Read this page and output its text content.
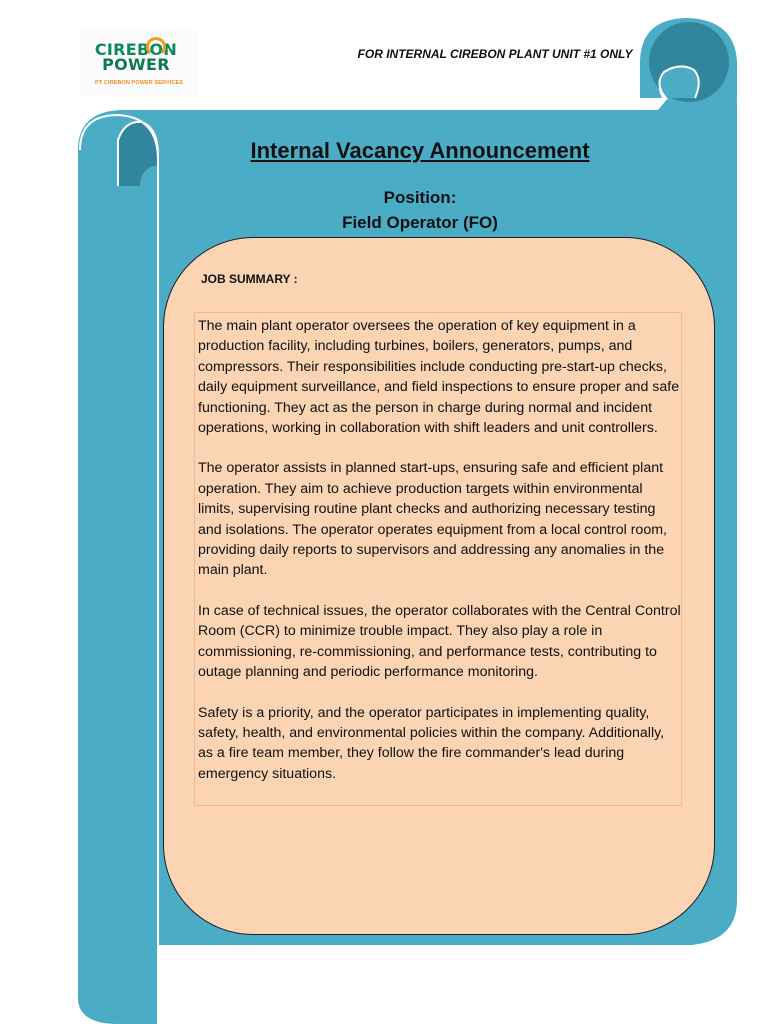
CIREBON
POWER
PT CIREBON POWER SERVICES
FOR INTERNAL CIREBON PLANT UNIT #1 ONLY
Internal Vacancy Announcement
Position:
Field Operator (FO)
JOB SUMMARY :

The main plant operator oversees the operation of key equipment in a production facility, including turbines, boilers, generators, pumps, and compressors. Their responsibilities include conducting pre-start-up checks, daily equipment surveillance, and field inspections to ensure proper and safe functioning. They act as the person in charge during normal and incident operations, working in collaboration with shift leaders and unit controllers.

The operator assists in planned start-ups, ensuring safe and efficient plant operation. They aim to achieve production targets within environmental limits, supervising routine plant checks and authorizing necessary testing and isolations. The operator operates equipment from a local control room, providing daily reports to supervisors and addressing any anomalies in the main plant.

In case of technical issues, the operator collaborates with the Central Control Room (CCR) to minimize trouble impact. They also play a role in commissioning, re-commissioning, and performance tests, contributing to outage planning and periodic performance monitoring.

Safety is a priority, and the operator participates in implementing quality, safety, health, and environmental policies within the company. Additionally, as a fire team member, they follow the fire commander's lead during emergency situations.
